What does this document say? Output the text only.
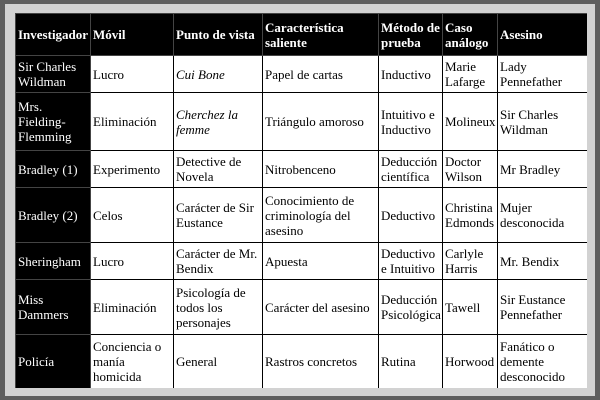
Investigador	Móvil	Punto de vista	Característica saliente	Método de prueba	Caso análogo	Asesino
Sir Charles Wildman	Lucro	Cui Bone	Papel de cartas	Inductivo	Marie Lafarge	Lady Pennefather
Mrs. Fielding-Flemming	Eliminación	Cherchez la femme	Triángulo amoroso	Intuitivo e Inductivo	Molineux	Sir Charles Wildman
Bradley (1)	Experimento	Detective de Novela	Nitrobenceno	Deducción científica	Doctor Wilson	Mr Bradley
Bradley (2)	Celos	Carácter de Sir Eustance	Conocimiento de criminología del asesino	Deductivo	Christina Edmonds	Mujer desconocida
Sheringham	Lucro	Carácter de Mr. Bendix	Apuesta	Deductivo e Intuitivo	Carlyle Harris	Mr. Bendix
Miss Dammers	Eliminación	Psicología de todos los personajes	Carácter del asesino	Deducción Psicológica	Tawell	Sir Eustance Pennefather
Policía	Conciencia o manía homicida	General	Rastros concretos	Rutina	Horwood	Fanático o demente desconocido
